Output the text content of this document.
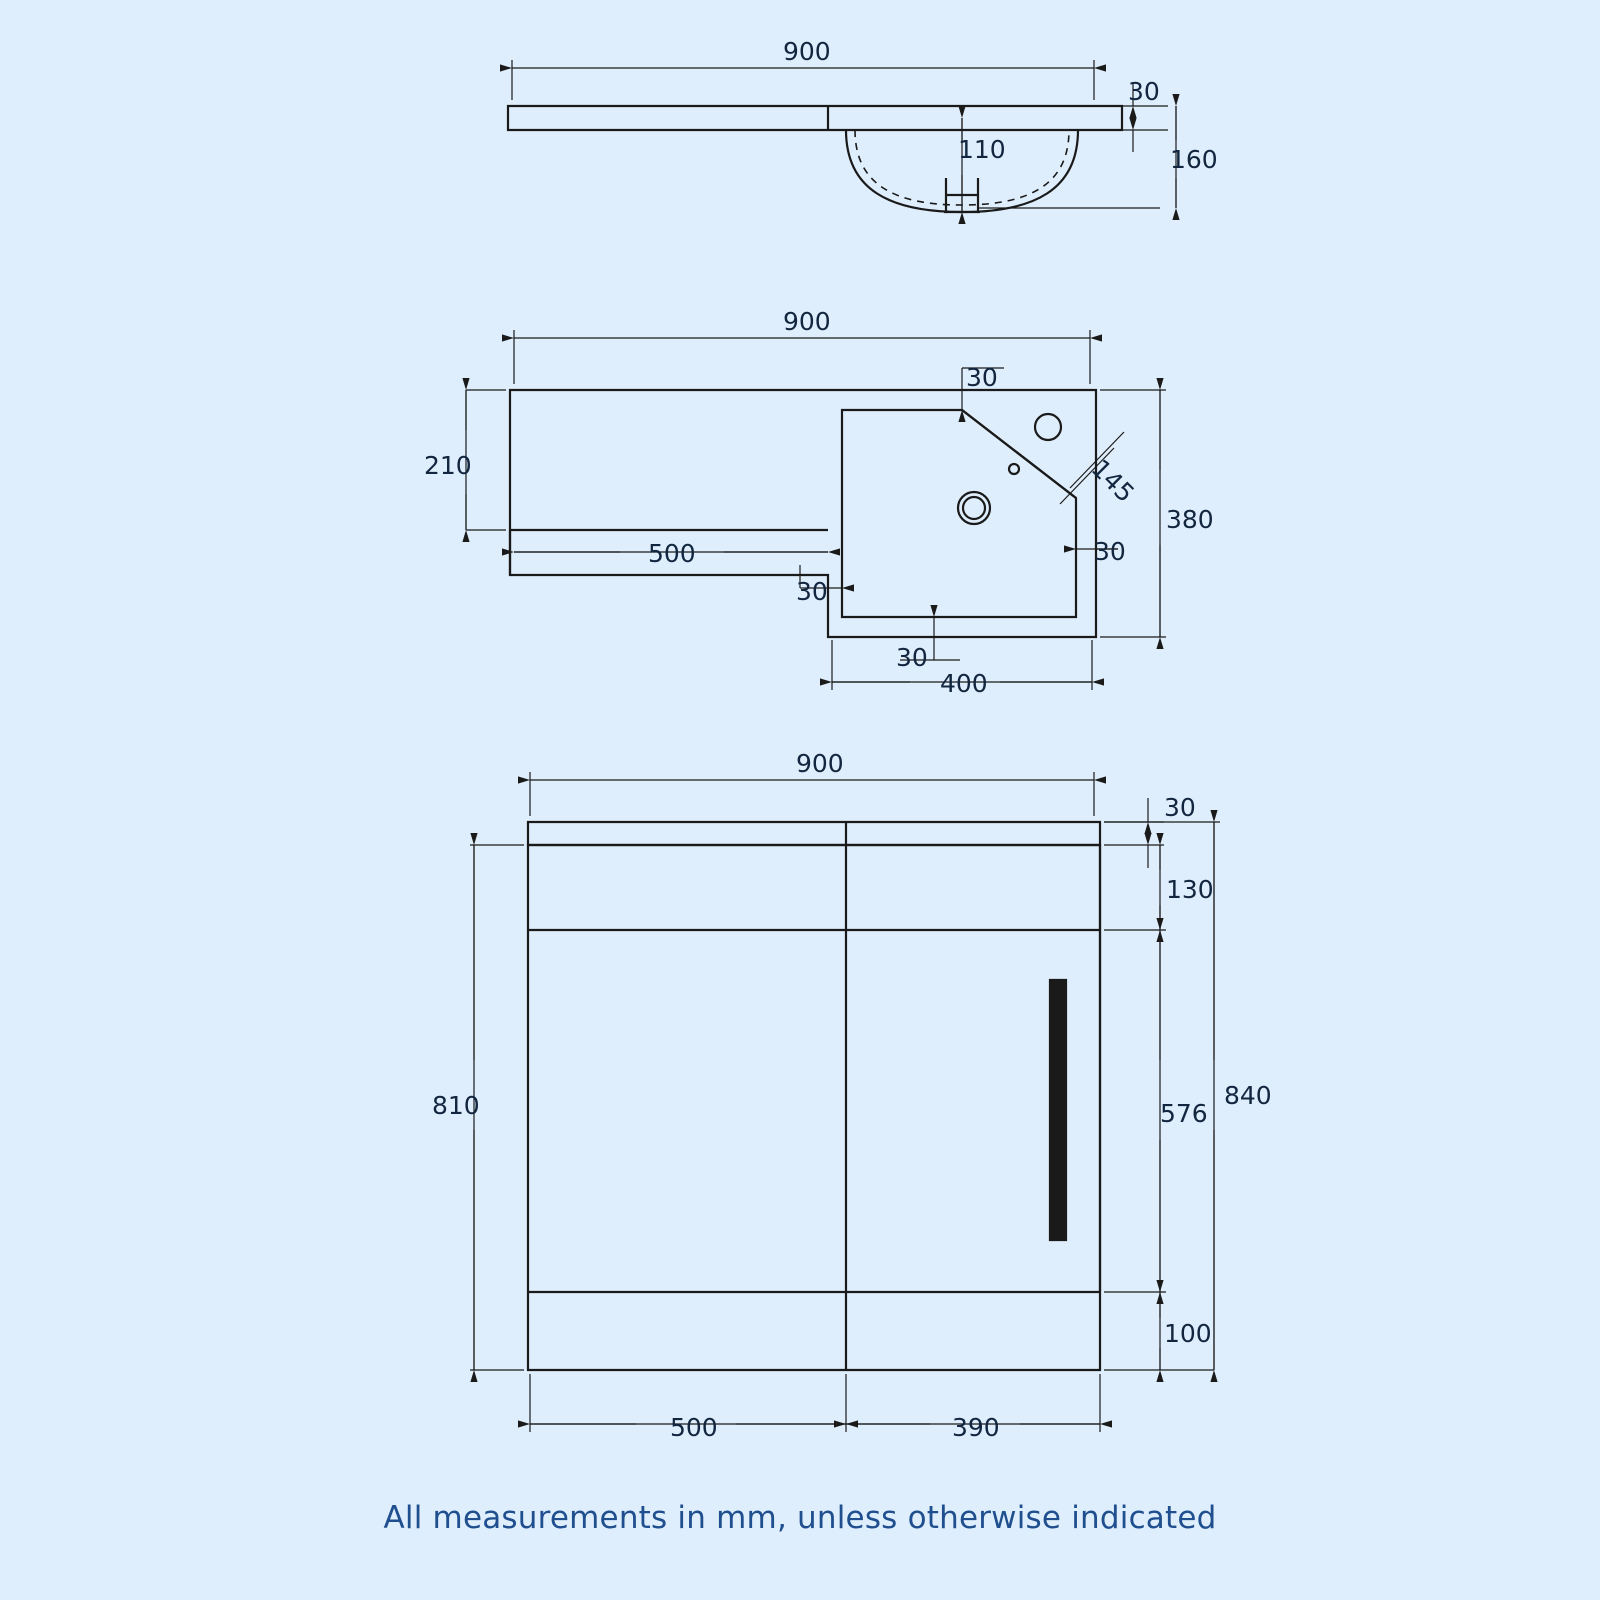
900
30
110	160
900
30
210
500
30
145
30
30
400
380
900
30
130
810	576
100
840
500	390
All measurements in mm, unless otherwise indicated
